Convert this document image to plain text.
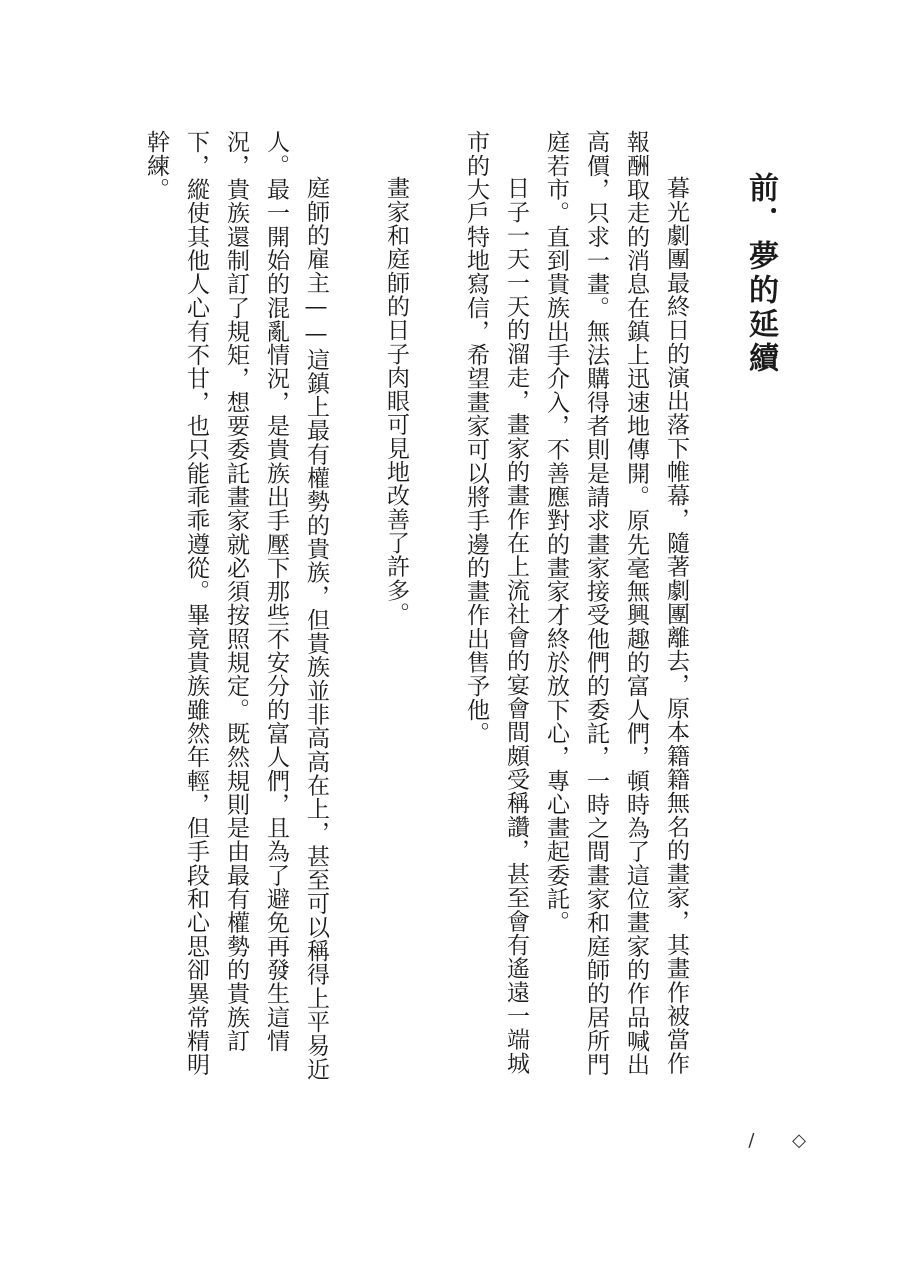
前．夢的延續

暮光劇團最終日的演出落下帷幕，隨著劇團離去，原本籍籍無名的畫家，其畫作被當作報酬取走的消息在鎮上迅速地傳開。原先毫無興趣的富人們，頓時為了這位畫家的作品喊出高價，只求一畫。無法購得者則是請求畫家接受他們的委託，一時之間畫家和庭師的居所門庭若市。直到貴族出手介入，不善應對的畫家才終於放下心，專心畫起委託。

日子一天一天的溜走，畫家的畫作在上流社會的宴會間頗受稱讚，甚至會有遙遠一端城市的大戶特地寫信，希望畫家可以將手邊的畫作出售予他。

畫家和庭師的日子肉眼可見地改善了許多。

庭師的雇主——這鎮上最有權勢的貴族，但貴族並非高高在上，甚至可以稱得上平易近人。最一開始的混亂情況，是貴族出手壓下那些不安分的富人們，且為了避免再發生這情況，貴族還制訂了規矩，想要委託畫家就必須按照規定。既然規則是由最有權勢的貴族訂下，縱使其他人心有不甘，也只能乖乖遵從。畢竟貴族雖然年輕，但手段和心思卻異常精明幹練。

/ ◇
